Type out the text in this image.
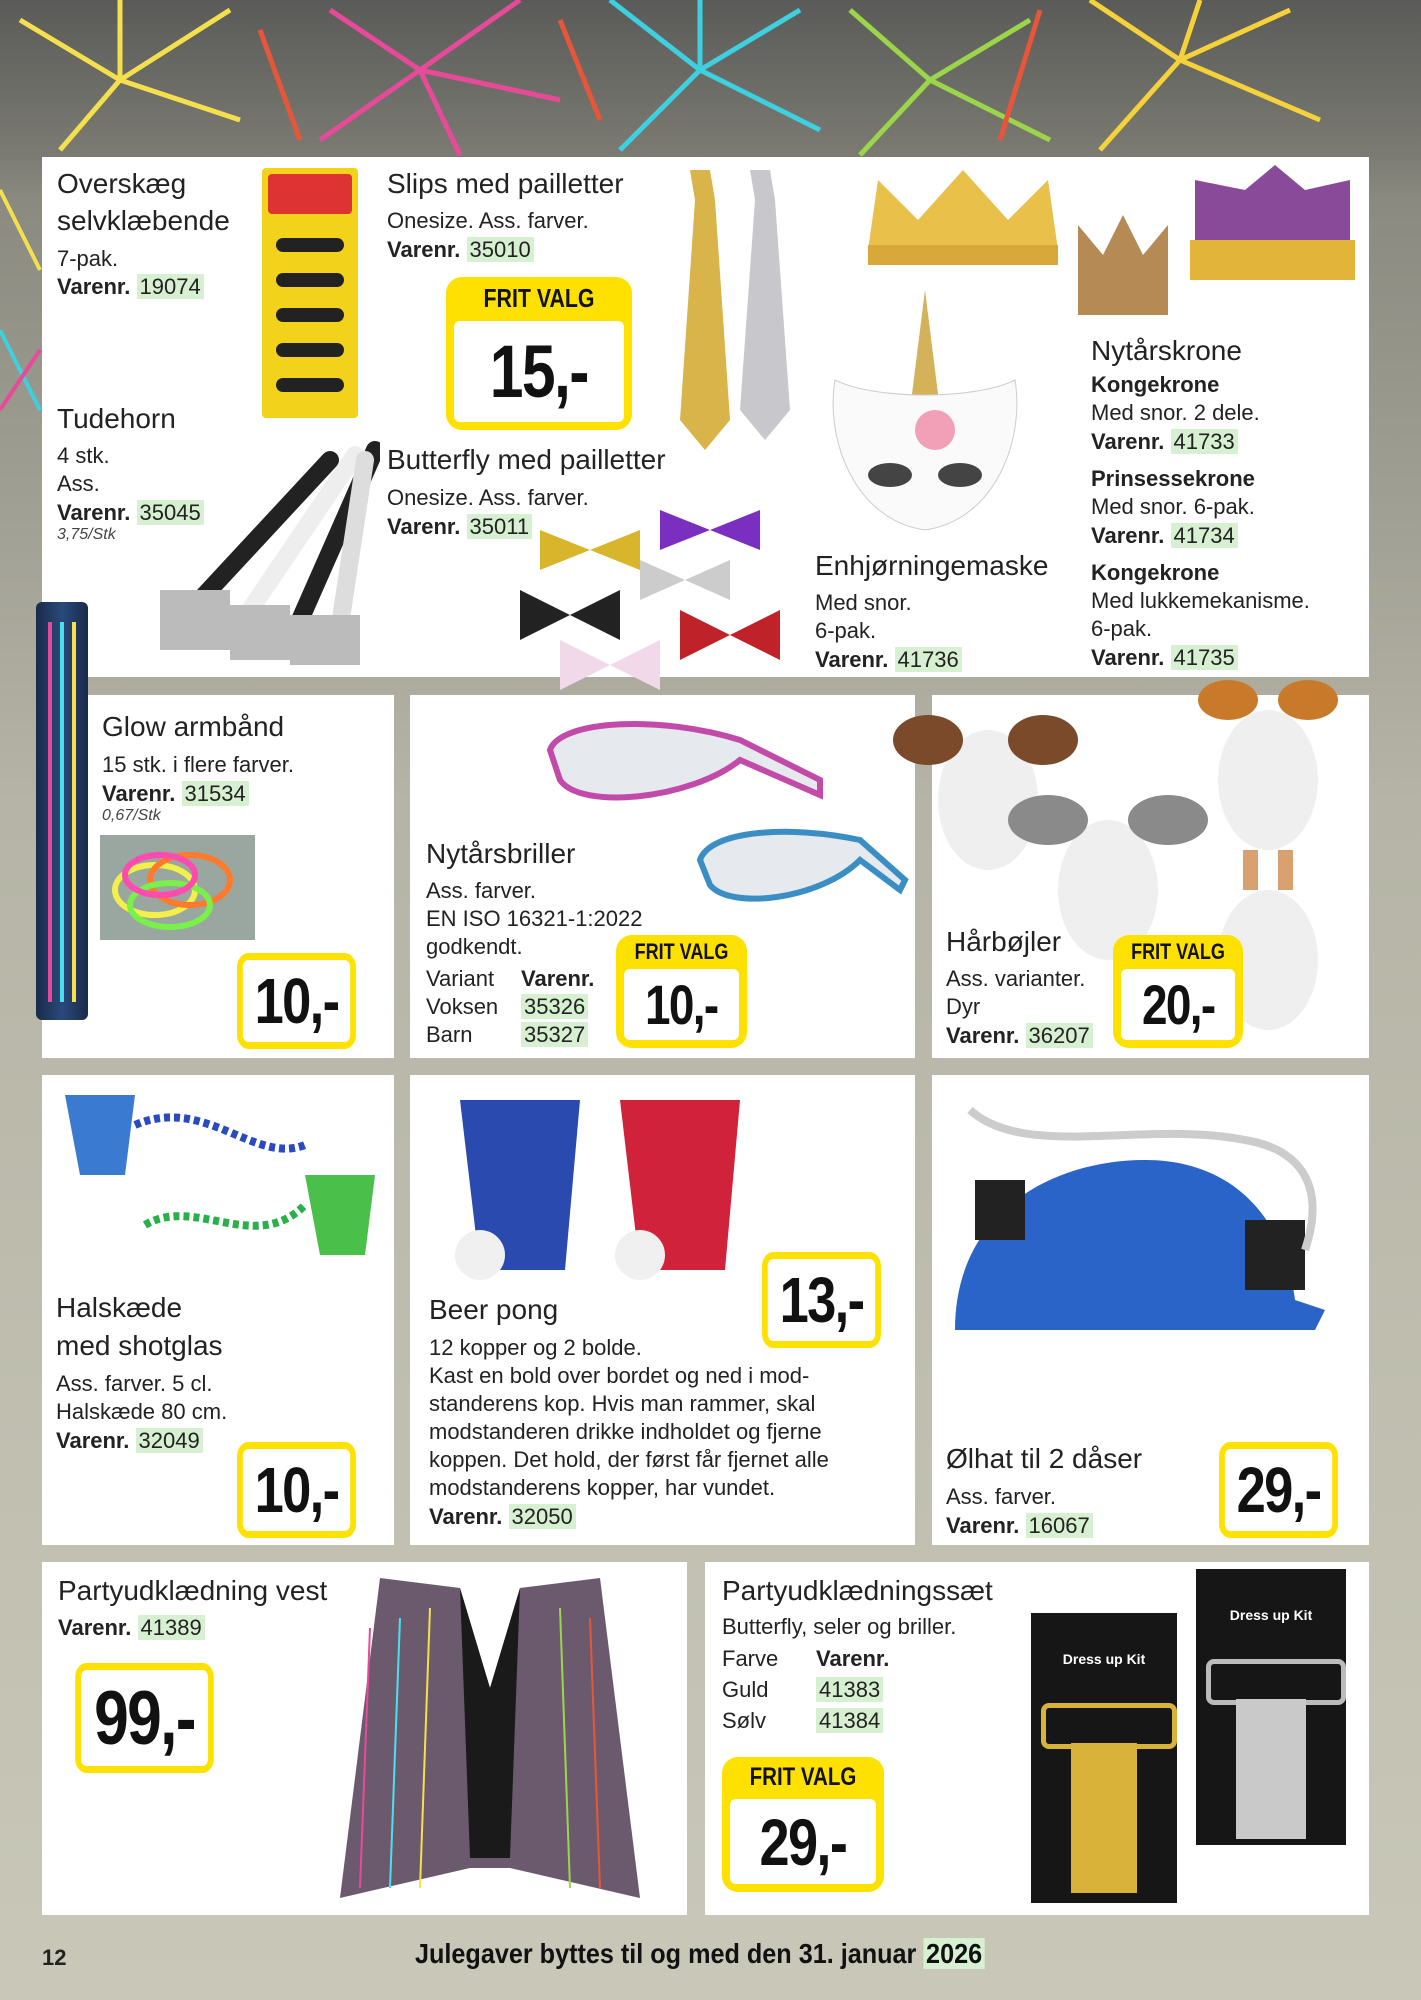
Overskæg
selvklæbende
7-pak.
Varenr. 19074
Tudehorn
4 stk.
Ass.
Varenr. 35045
3,75/Stk
Slips med pailletter
Onesize. Ass. farver.
Varenr. 35010
FRIT VALG
15,-
Butterfly med pailletter
Onesize. Ass. farver.
Varenr. 35011
Enhjørningemaske
Med snor.
6-pak.
Varenr. 41736
Nytårskrone
Kongekrone
Med snor. 2 dele.
Varenr. 41733
Prinsessekrone
Med snor. 6-pak.
Varenr. 41734
Kongekrone
Med lukkemekanisme.
6-pak.
Varenr. 41735
Glow armbånd
15 stk. i flere farver.
Varenr. 31534
0,67/Stk
10,-
Nytårsbriller
Ass. farver.
EN ISO 16321-1:2022
godkendt.
Variant Varenr.
Voksen 35326
Barn 35327
FRIT VALG
10,-
Hårbøjler
Ass. varianter.
Dyr
Varenr. 36207
FRIT VALG
20,-
Halskæde
med shotglas
Ass. farver. 5 cl.
Halskæde 80 cm.
Varenr. 32049
10,-
13,-
Beer pong
12 kopper og 2 bolde.
Kast en bold over bordet og ned i mod-
standerens kop. Hvis man rammer, skal
modstanderen drikke indholdet og fjerne
koppen. Det hold, der først får fjernet alle
modstanderens kopper, har vundet.
Varenr. 32050
Ølhat til 2 dåser
Ass. farver.
Varenr. 16067 29,-
Partyudklædning vest
Varenr. 41389
99,-
Partyudklædningssæt
Butterfly, seler og briller.
Farve Varenr.
Guld 41383
Sølv 41384
FRIT VALG
29,-
Dress up Kit
Dress up Kit
12	Julegaver byttes til og med den 31. januar 2026
